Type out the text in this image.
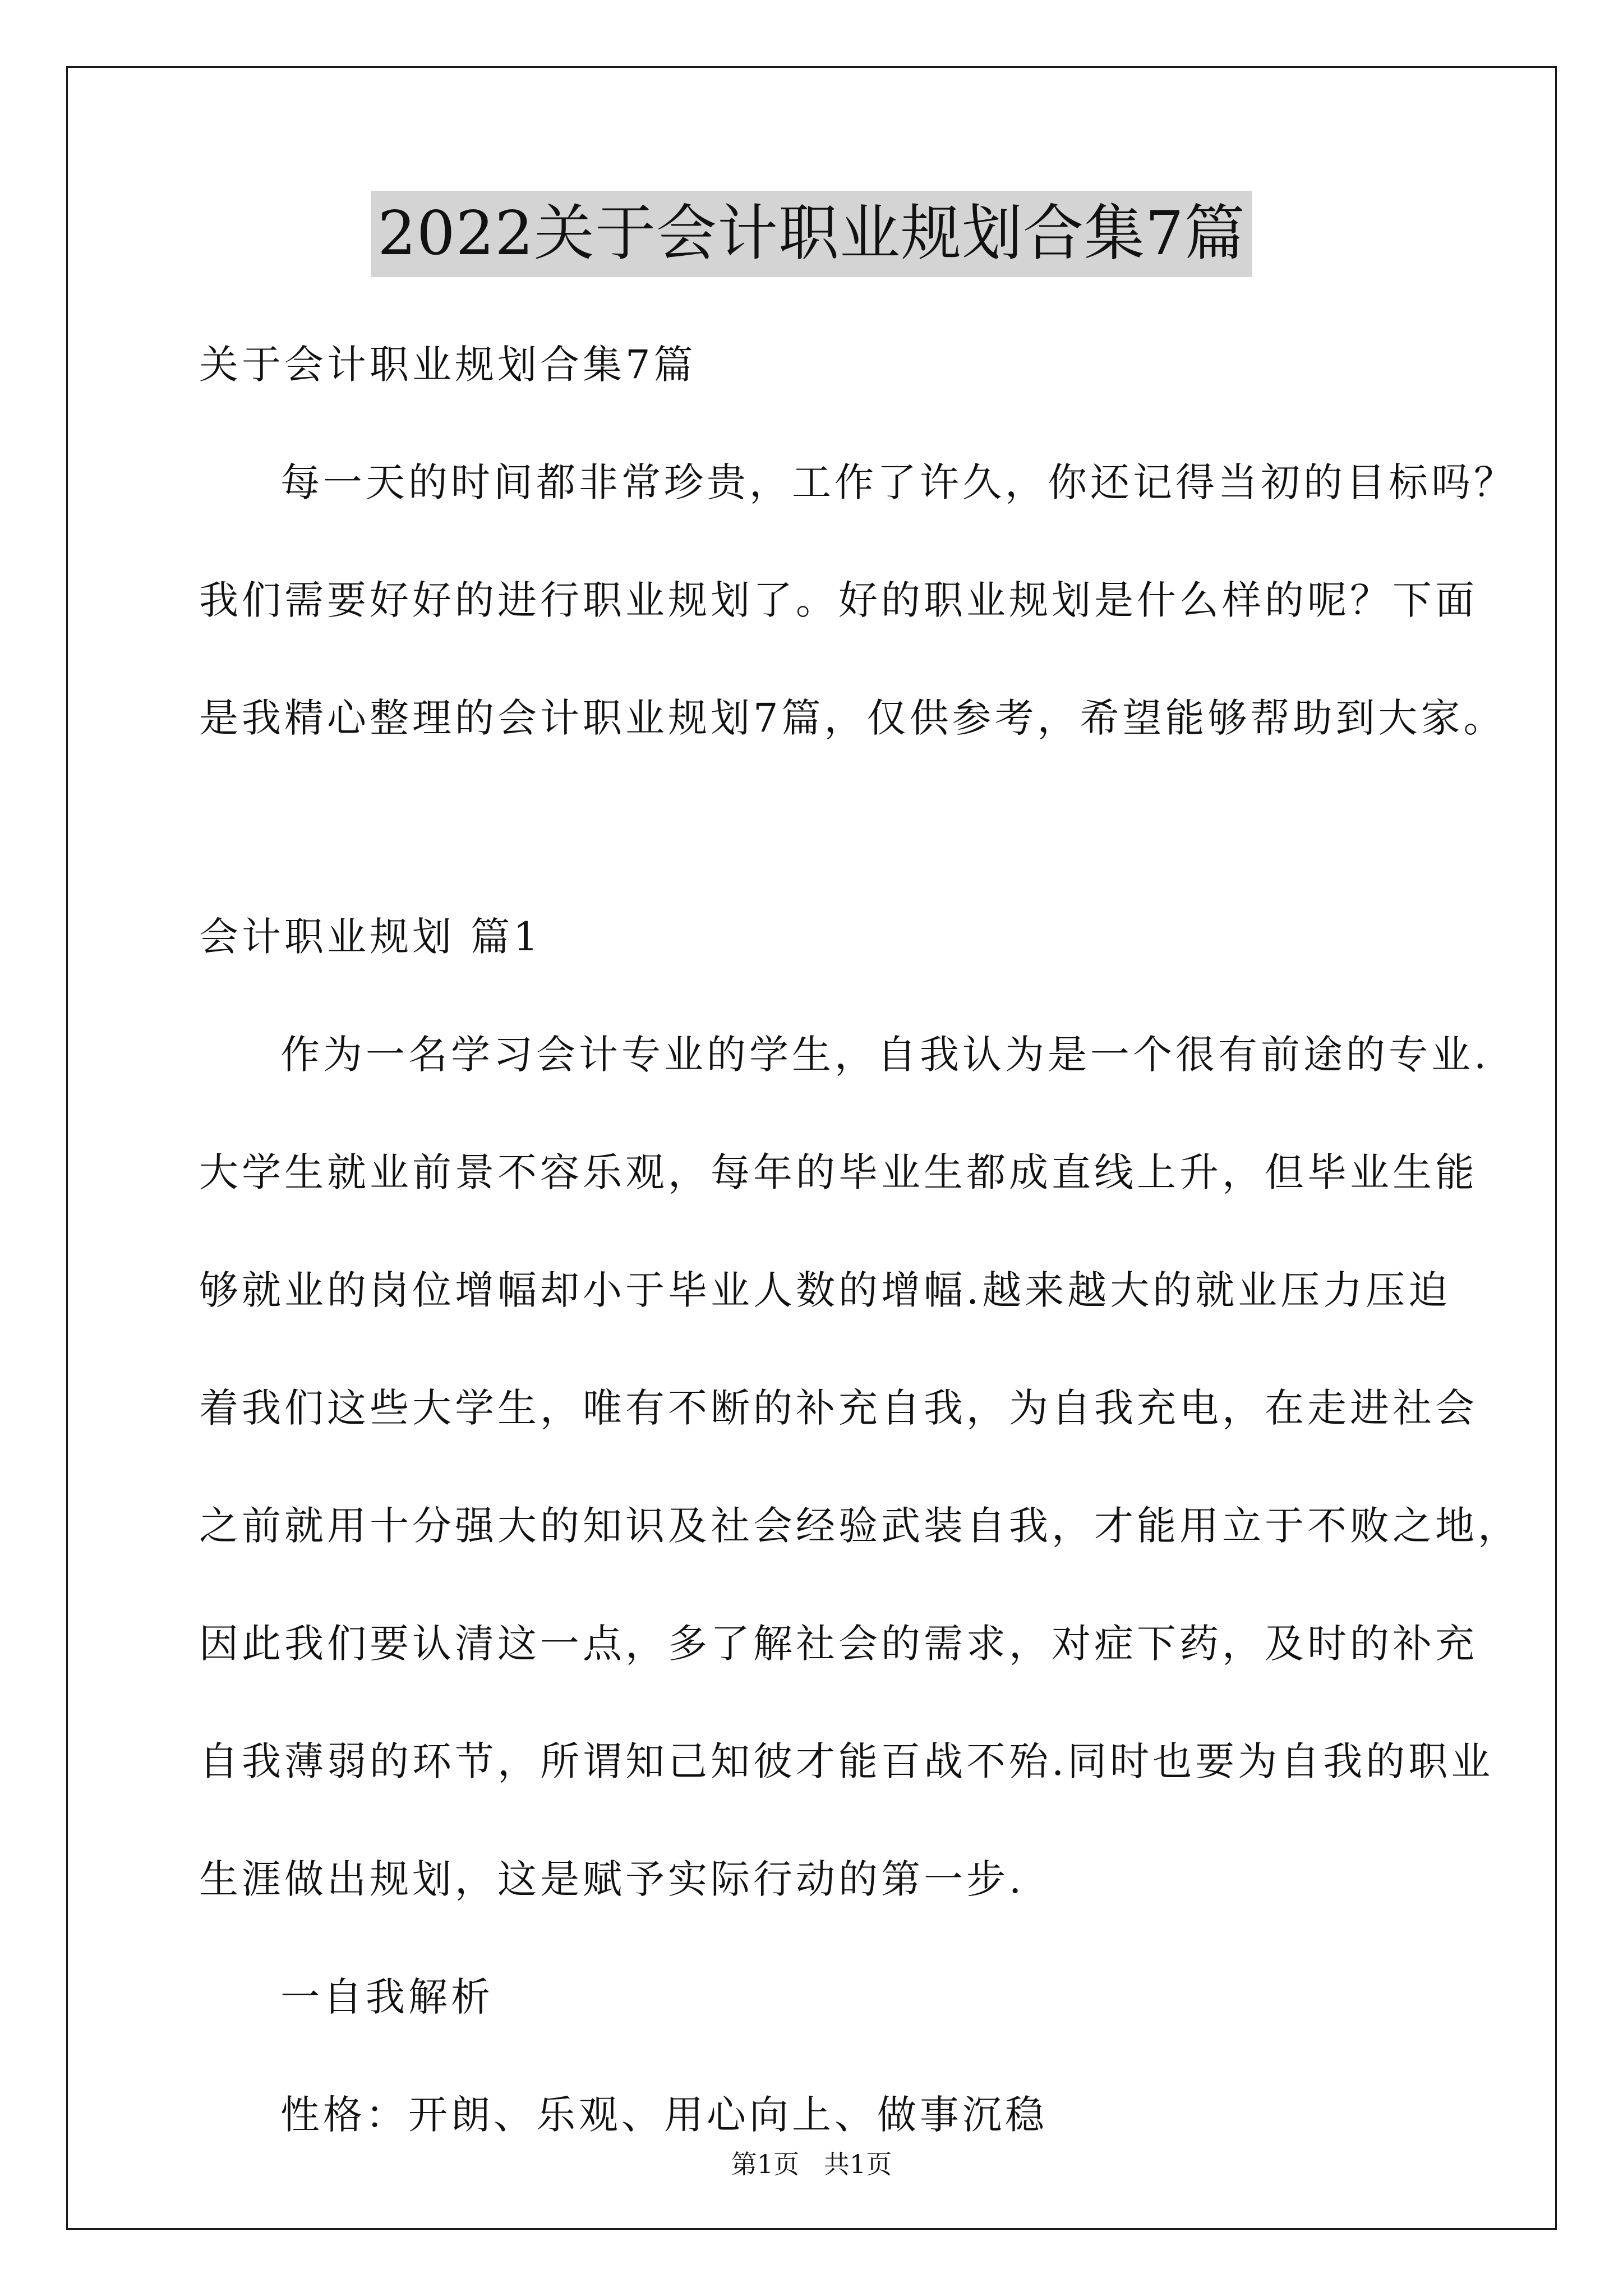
2022关于会计职业规划合集7篇
关于会计职业规划合集7篇
每一天的时间都非常珍贵，工作了许久，你还记得当初的目标吗？
我们需要好好的进行职业规划了。好的职业规划是什么样的呢？下面
是我精心整理的会计职业规划7篇，仅供参考，希望能够帮助到大家。
会计职业规划 篇1
作为一名学习会计专业的学生，自我认为是一个很有前途的专业.
大学生就业前景不容乐观，每年的毕业生都成直线上升，但毕业生能
够就业的岗位增幅却小于毕业人数的增幅.越来越大的就业压力压迫
着我们这些大学生，唯有不断的补充自我，为自我充电，在走进社会
之前就用十分强大的知识及社会经验武装自我，才能用立于不败之地，
因此我们要认清这一点，多了解社会的需求，对症下药，及时的补充
自我薄弱的环节，所谓知己知彼才能百战不殆.同时也要为自我的职业
生涯做出规划，这是赋予实际行动的第一步.
一自我解析
性格：开朗、乐观、用心向上、做事沉稳
第1页   共1页
